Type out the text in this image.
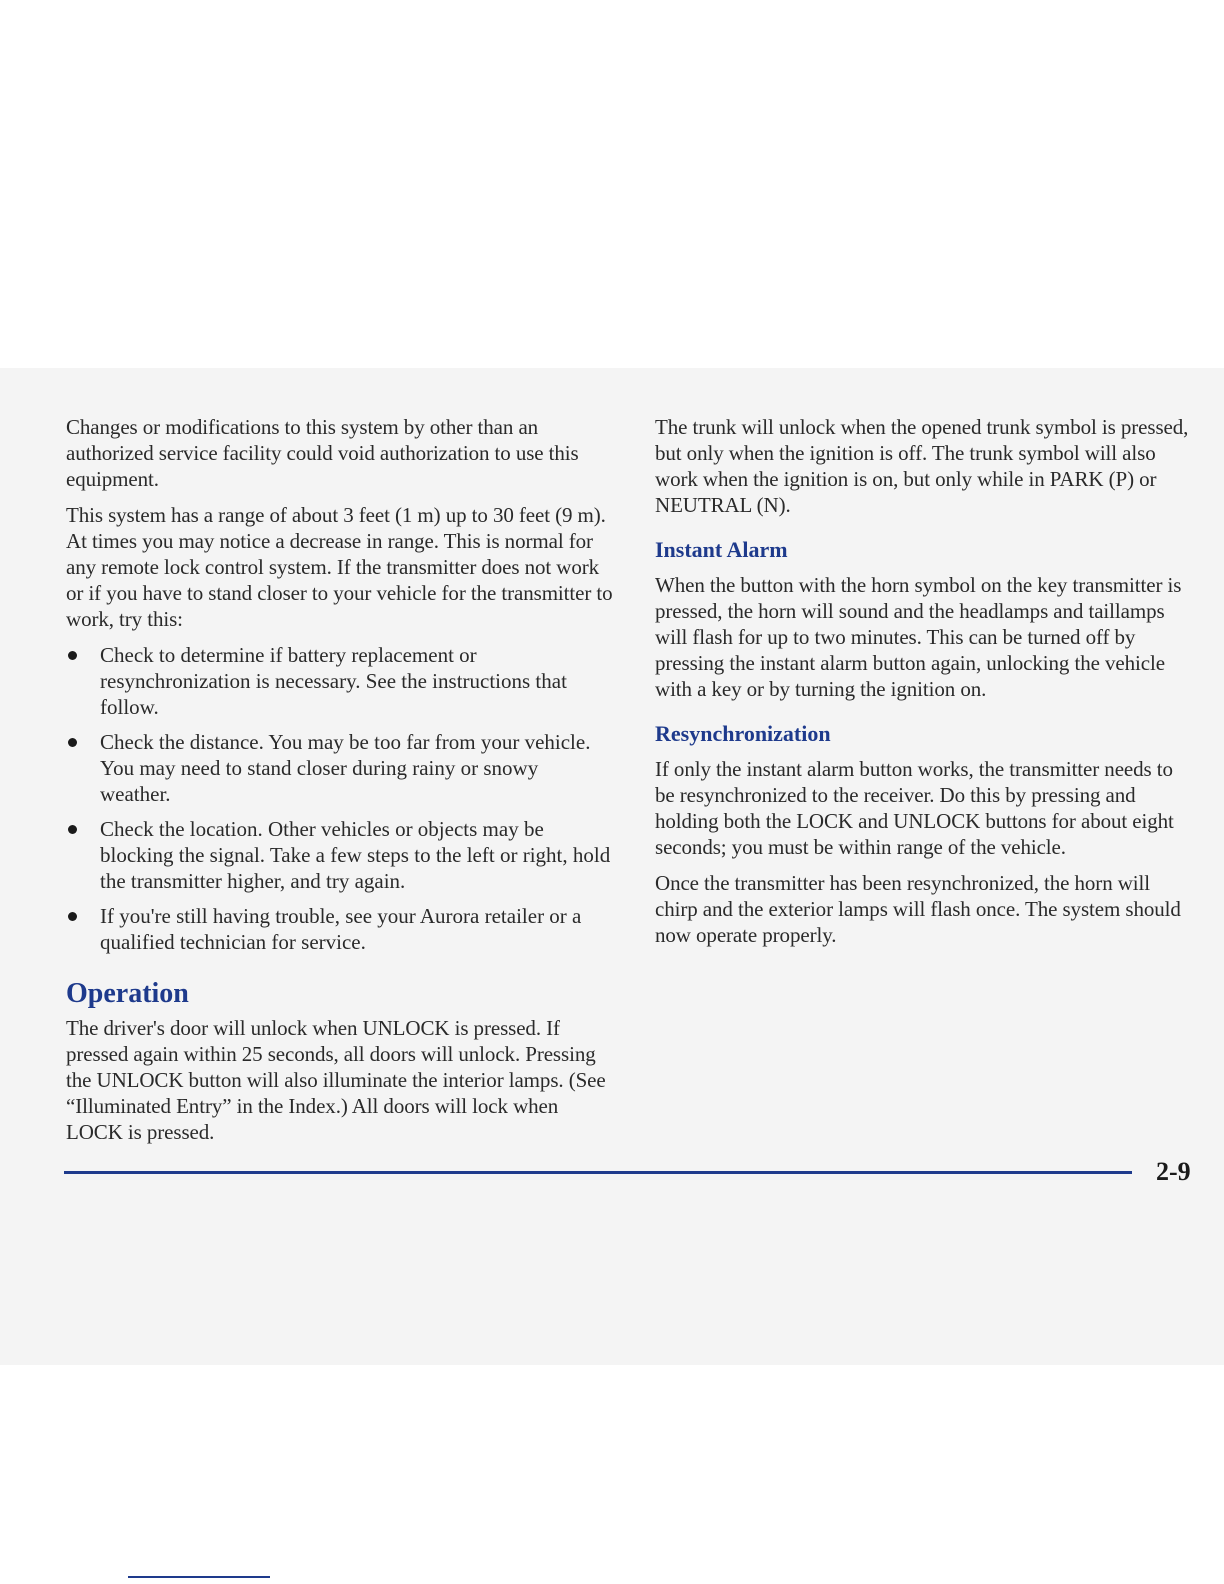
Changes or modifications to this system by other than an authorized service facility could void authorization to use this equipment.

This system has a range of about 3 feet (1 m) up to 30 feet (9 m). At times you may notice a decrease in range. This is normal for any remote lock control system. If the transmitter does not work or if you have to stand closer to your vehicle for the transmitter to work, try this:

Check to determine if battery replacement or resynchronization is necessary. See the instructions that follow.
Check the distance. You may be too far from your vehicle. You may need to stand closer during rainy or snowy weather.
Check the location. Other vehicles or objects may be blocking the signal. Take a few steps to the left or right, hold the transmitter higher, and try again.
If you're still having trouble, see your Aurora retailer or a qualified technician for service.
Operation

The driver's door will unlock when UNLOCK is pressed. If pressed again within 25 seconds, all doors will unlock. Pressing the UNLOCK button will also illuminate the interior lamps. (See “Illuminated Entry” in the Index.) All doors will lock when LOCK is pressed.

The trunk will unlock when the opened trunk symbol is pressed, but only when the ignition is off. The trunk symbol will also work when the ignition is on, but only while in PARK (P) or NEUTRAL (N).

Instant Alarm

When the button with the horn symbol on the key transmitter is pressed, the horn will sound and the headlamps and taillamps will flash for up to two minutes. This can be turned off by pressing the instant alarm button again, unlocking the vehicle with a key or by turning the ignition on.

Resynchronization

If only the instant alarm button works, the transmitter needs to be resynchronized to the receiver. Do this by pressing and holding both the LOCK and UNLOCK buttons for about eight seconds; you must be within range of the vehicle.

Once the transmitter has been resynchronized, the horn will chirp and the exterior lamps will flash once. The system should now operate properly.

2-9
